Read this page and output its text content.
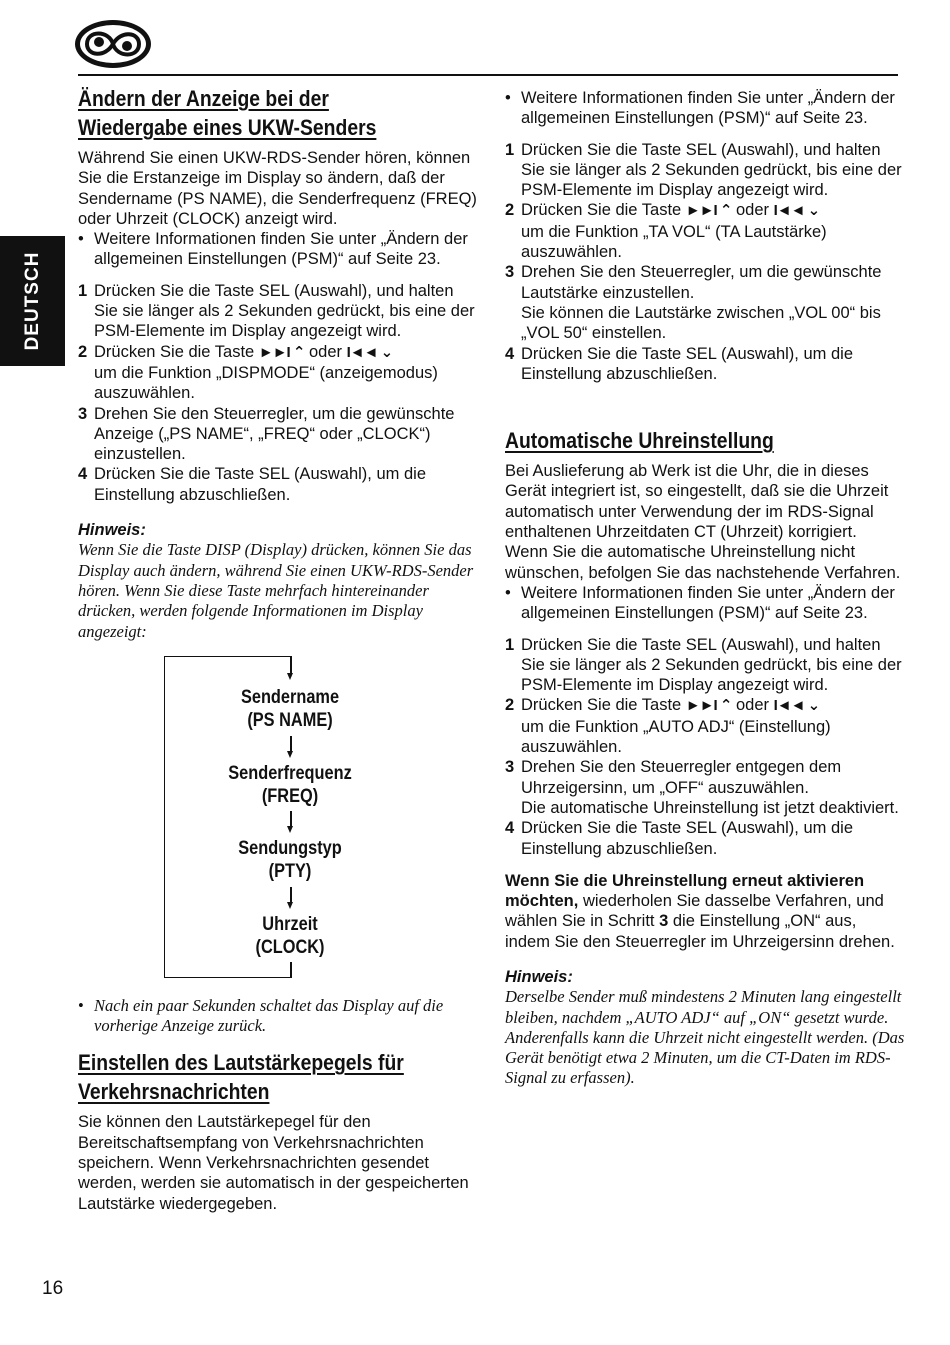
DEUTSCH
16
Ändern der Anzeige bei der
Wiedergabe eines UKW-Senders

Während Sie einen UKW-RDS-Sender hören, können Sie die Erstanzeige im Display so ändern, daß der Sendername (PS NAME), die Senderfrequenz (FREQ) oder Uhrzeit (CLOCK) anzeigt wird.

• Weitere Informationen finden Sie unter „Ändern der allgemeinen Einstellungen (PSM)“ auf Seite 23.

1 Drücken Sie die Taste SEL (Auswahl), und halten Sie sie länger als 2 Sekunden gedrückt, bis eine der PSM-Elemente im Display angezeigt wird.
2 Drücken Sie die Taste ►►I ⌃ oder I◄◄ ⌄
um die Funktion „DISPMODE“ (anzeigemodus) auszuwählen.
3 Drehen Sie den Steuerregler, um die gewünschte Anzeige („PS NAME“, „FREQ“ oder „CLOCK“) einzustellen.
4 Drücken Sie die Taste SEL (Auswahl), um die Einstellung abzuschließen.

Hinweis:

Wenn Sie die Taste DISP (Display) drücken, können Sie das Display auch ändern, während Sie einen UKW-RDS-Sender hören. Wenn Sie diese Taste mehrfach hintereinander drücken, werden folgende Informationen im Display angezeigt:

Sendername
(PS NAME)
Senderfrequenz
(FREQ)
Sendungstyp
(PTY)
Uhrzeit
(CLOCK)

• Nach ein paar Sekunden schaltet das Display auf die vorherige Anzeige zurück.

Einstellen des Lautstärkepegels für
Verkehrsnachrichten

Sie können den Lautstärkepegel für den Bereitschaftsempfang von Verkehrsnachrichten speichern. Wenn Verkehrsnachrichten gesendet werden, werden sie automatisch in der gespeicherten Lautstärke wiedergegeben.

• Weitere Informationen finden Sie unter „Ändern der allgemeinen Einstellungen (PSM)“ auf Seite 23.

1 Drücken Sie die Taste SEL (Auswahl), und halten Sie sie länger als 2 Sekunden gedrückt, bis eine der PSM-Elemente im Display angezeigt wird.
2 Drücken Sie die Taste ►►I ⌃ oder I◄◄ ⌄
um die Funktion „TA VOL“ (TA Lautstärke) auszuwählen.
3 Drehen Sie den Steuerregler, um die gewünschte Lautstärke einzustellen.
Sie können die Lautstärke zwischen „VOL 00“ bis „VOL 50“ einstellen.
4 Drücken Sie die Taste SEL (Auswahl), um die Einstellung abzuschließen.
Automatische Uhreinstellung

Bei Auslieferung ab Werk ist die Uhr, die in dieses Gerät integriert ist, so eingestellt, daß sie die Uhrzeit automatisch unter Verwendung der im RDS-Signal enthaltenen Uhrzeitdaten CT (Uhrzeit) korrigiert.

Wenn Sie die automatische Uhreinstellung nicht wünschen, befolgen Sie das nachstehende Verfahren.

• Weitere Informationen finden Sie unter „Ändern der allgemeinen Einstellungen (PSM)“ auf Seite 23.

1 Drücken Sie die Taste SEL (Auswahl), und halten Sie sie länger als 2 Sekunden gedrückt, bis eine der PSM-Elemente im Display angezeigt wird.
2 Drücken Sie die Taste ►►I ⌃ oder I◄◄ ⌄
um die Funktion „AUTO ADJ“ (Einstellung) auszuwählen.
3 Drehen Sie den Steuerregler entgegen dem Uhrzeigersinn, um „OFF“ auszuwählen.
Die automatische Uhreinstellung ist jetzt deaktiviert.
4 Drücken Sie die Taste SEL (Auswahl), um die Einstellung abzuschließen.

Wenn Sie die Uhreinstellung erneut aktivieren möchten, wiederholen Sie dasselbe Verfahren, und wählen Sie in Schritt 3 die Einstellung „ON“ aus, indem Sie den Steuerregler im Uhrzeigersinn drehen.

Hinweis:

Derselbe Sender muß mindestens 2 Minuten lang eingestellt bleiben, nachdem „AUTO ADJ“ auf „ON“ gesetzt wurde. Anderenfalls kann die Uhrzeit nicht eingestellt werden. (Das Gerät benötigt etwa 2 Minuten, um die CT-Daten im RDS-Signal zu erfassen).
